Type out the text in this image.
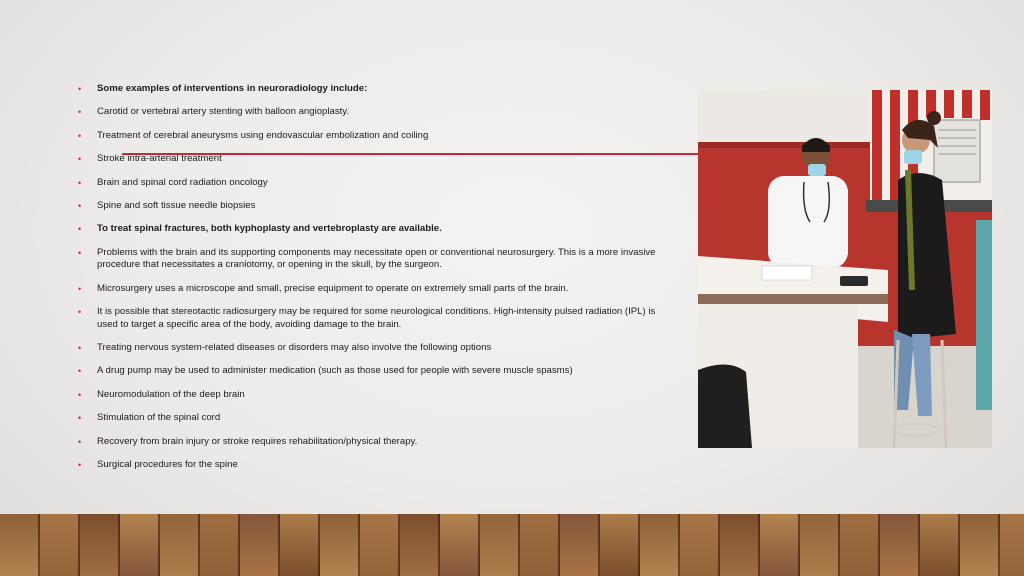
• Some examples of interventions in neuroradiology include:
• Carotid or vertebral artery stenting with balloon angioplasty.
• Treatment of cerebral aneurysms using endovascular embolization and coiling
• Stroke intra-arterial treatment
• Brain and spinal cord radiation oncology
• Spine and soft tissue needle biopsies
• To treat spinal fractures, both kyphoplasty and vertebroplasty are available.
• Problems with the brain and its supporting components may necessitate open or conventional neurosurgery. This is a more invasive procedure that necessitates a craniotomy, or opening in the skull, by the surgeon.
• Microsurgery uses a microscope and small, precise equipment to operate on extremely small parts of the brain.
• It is possible that stereotactic radiosurgery may be required for some neurological conditions. High-intensity pulsed radiation (IPL) is used to target a specific area of the body, avoiding damage to the brain.
• Treating nervous system-related diseases or disorders may also involve the following options
• A drug pump may be used to administer medication (such as those used for people with severe muscle spasms)
• Neuromodulation of the deep brain
• Stimulation of the spinal cord
• Recovery from brain injury or stroke requires rehabilitation/physical therapy.
• Surgical procedures for the spine
